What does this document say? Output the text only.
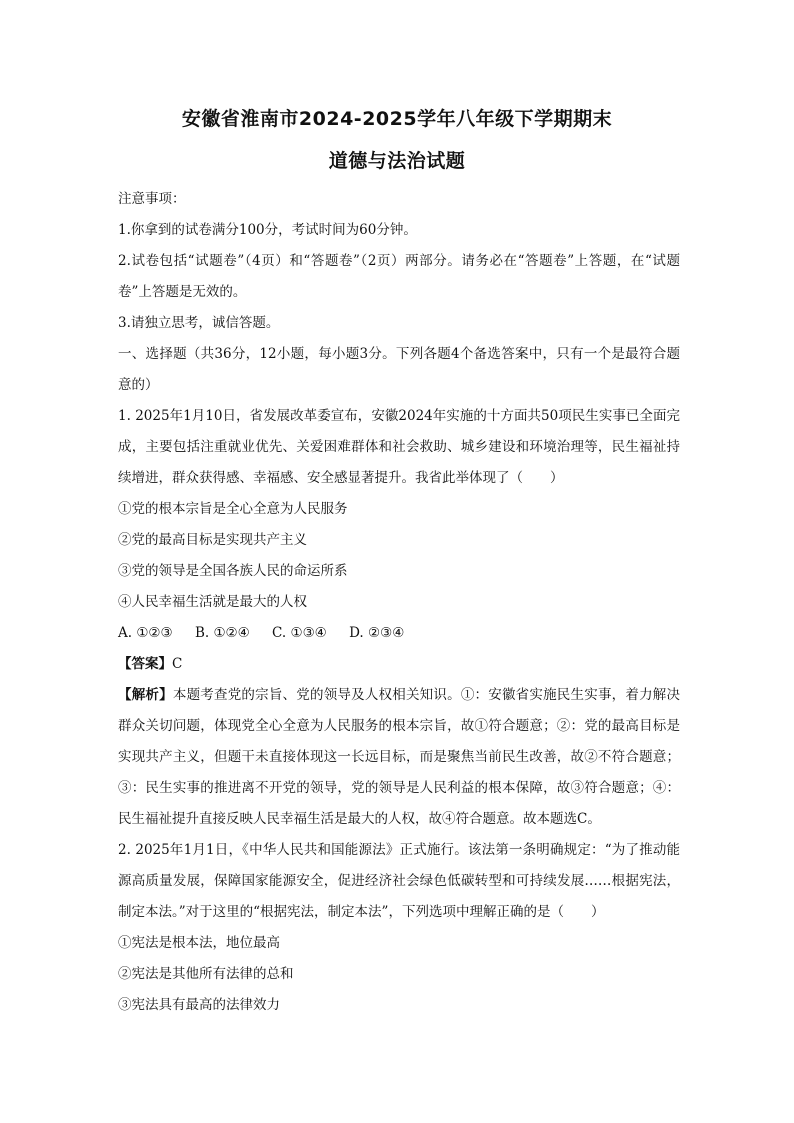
安徽省淮南市2024-2025学年八年级下学期期末
道德与法治试题

注意事项：

1.你拿到的试卷满分100分，考试时间为60分钟。

2.试卷包括“试题卷”（4页）和“答题卷”（2页）两部分。请务必在“答题卷”上答题，在“试题卷”上答题是无效的。

3.请独立思考，诚信答题。

一、选择题（共36分，12小题，每小题3分。下列各题4个备选答案中，只有一个是最符合题意的）

1. 2025年1月10日，省发展改革委宣布，安徽2024年实施的十方面共50项民生实事已全面完成，主要包括注重就业优先、关爱困难群体和社会救助、城乡建设和环境治理等，民生福祉持续增进，群众获得感、幸福感、安全感显著提升。我省此举体现了（　　）

①党的根本宗旨是全心全意为人民服务

②党的最高目标是实现共产主义

③党的领导是全国各族人民的命运所系

④人民幸福生活就是最大的人权

A. ①②③ B. ①②④ C. ①③④ D. ②③④

【答案】C

【解析】本题考查党的宗旨、党的领导及人权相关知识。①：安徽省实施民生实事，着力解决群众关切问题，体现党全心全意为人民服务的根本宗旨，故①符合题意；②：党的最高目标是实现共产主义，但题干未直接体现这一长远目标，而是聚焦当前民生改善，故②不符合题意；③：民生实事的推进离不开党的领导，党的领导是人民利益的根本保障，故③符合题意；④：民生福祉提升直接反映人民幸福生活是最大的人权，故④符合题意。故本题选C。

2. 2025年1月1日，《中华人民共和国能源法》正式施行。该法第一条明确规定：“为了推动能源高质量发展，保障国家能源安全，促进经济社会绿色低碳转型和可持续发展……根据宪法，制定本法。”对于这里的“根据宪法，制定本法”，下列选项中理解正确的是（　　）

①宪法是根本法，地位最高

②宪法是其他所有法律的总和

③宪法具有最高的法律效力
